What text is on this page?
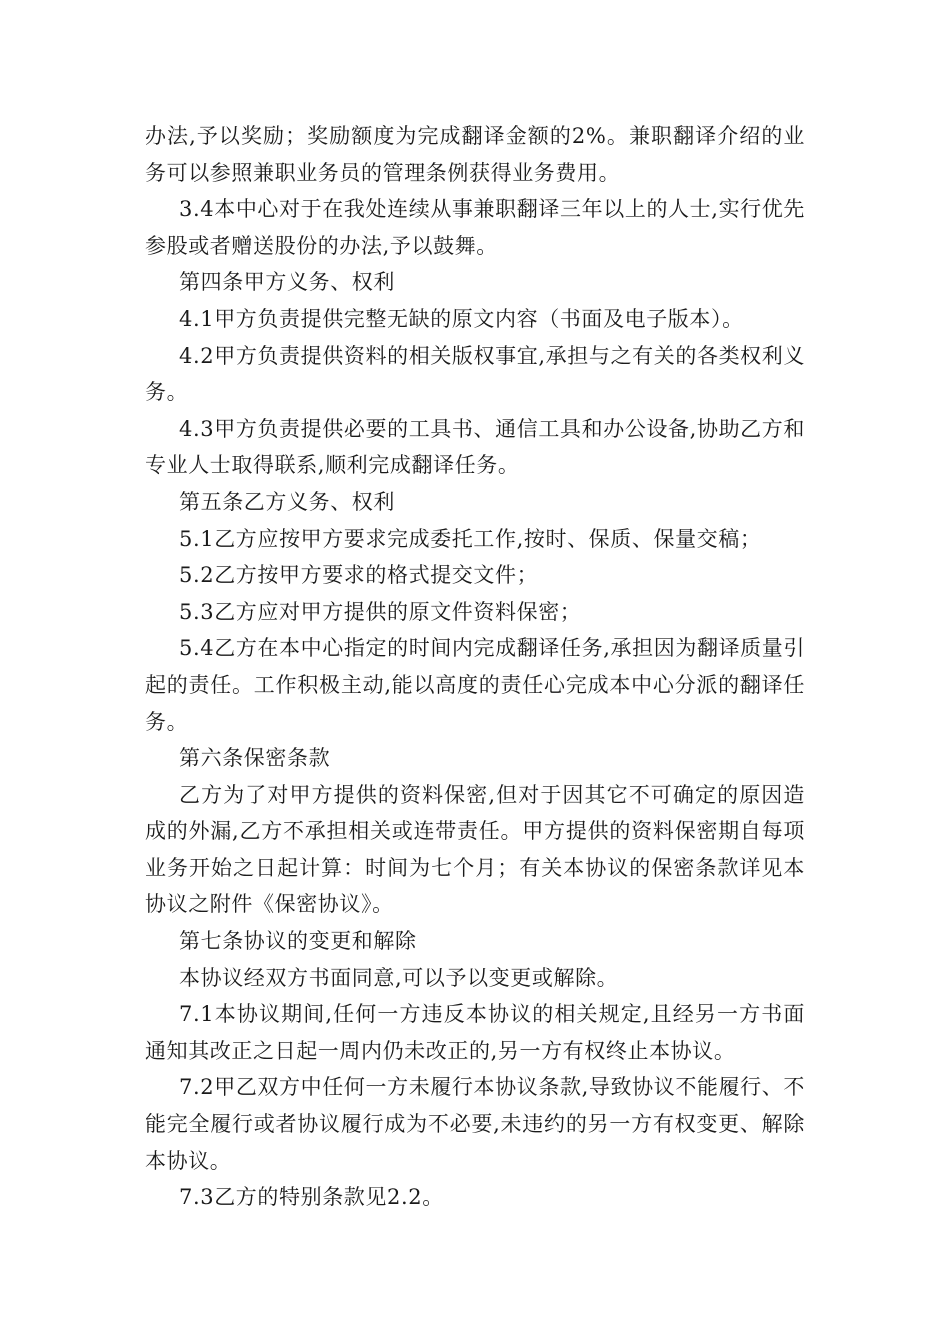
办法,予以奖励；奖励额度为完成翻译金额的2%。兼职翻译介绍的业务可以参照兼职业务员的管理条例获得业务费用。

3.4本中心对于在我处连续从事兼职翻译三年以上的人士,实行优先参股或者赠送股份的办法,予以鼓舞。

第四条甲方义务、权利

4.1甲方负责提供完整无缺的原文内容（书面及电子版本）。

4.2甲方负责提供资料的相关版权事宜,承担与之有关的各类权利义务。

4.3甲方负责提供必要的工具书、通信工具和办公设备,协助乙方和专业人士取得联系,顺利完成翻译任务。

第五条乙方义务、权利

5.1乙方应按甲方要求完成委托工作,按时、保质、保量交稿；

5.2乙方按甲方要求的格式提交文件；

5.3乙方应对甲方提供的原文件资料保密；

5.4乙方在本中心指定的时间内完成翻译任务,承担因为翻译质量引起的责任。工作积极主动,能以高度的责任心完成本中心分派的翻译任务。

第六条保密条款

乙方为了对甲方提供的资料保密,但对于因其它不可确定的原因造成的外漏,乙方不承担相关或连带责任。甲方提供的资料保密期自每项业务开始之日起计算：时间为七个月；有关本协议的保密条款详见本协议之附件《保密协议》。

第七条协议的变更和解除

本协议经双方书面同意,可以予以变更或解除。

7.1本协议期间,任何一方违反本协议的相关规定,且经另一方书面通知其改正之日起一周内仍未改正的,另一方有权终止本协议。

7.2甲乙双方中任何一方未履行本协议条款,导致协议不能履行、不能完全履行或者协议履行成为不必要,未违约的另一方有权变更、解除本协议。

7.3乙方的特别条款见2.2。
